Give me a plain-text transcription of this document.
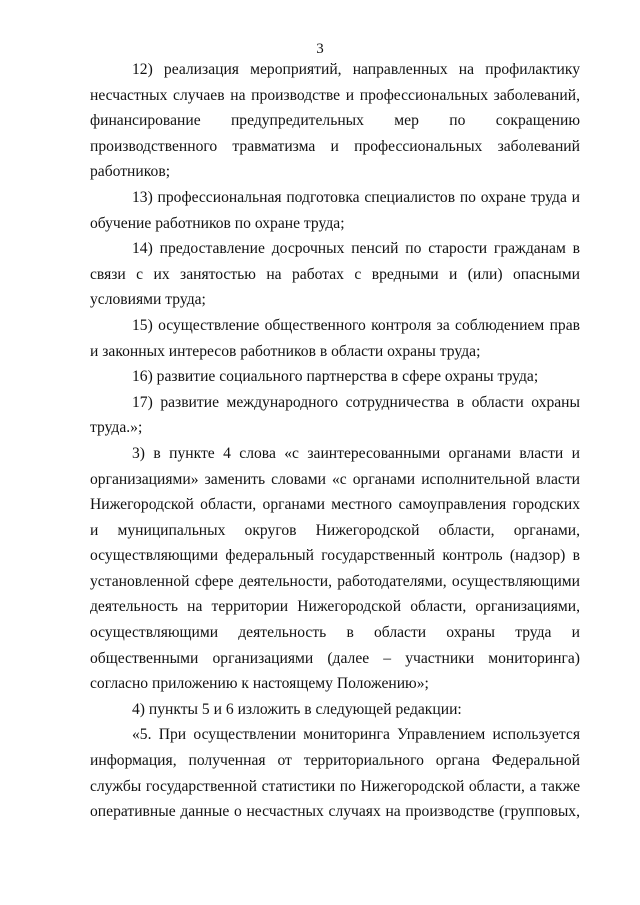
3

12) реализация мероприятий, направленных на профилактику несчастных случаев на производстве и профессиональных заболеваний, финансирование предупредительных мер по сокращению производственного травматизма и профессиональных заболеваний работников;

13) профессиональная подготовка специалистов по охране труда и обучение работников по охране труда;

14) предоставление досрочных пенсий по старости гражданам в связи с их занятостью на работах с вредными и (или) опасными условиями труда;

15) осуществление общественного контроля за соблюдением прав и законных интересов работников в области охраны труда;

16) развитие социального партнерства в сфере охраны труда;

17) развитие международного сотрудничества в области охраны труда.»;

3) в пункте 4 слова «с заинтересованными органами власти и организациями» заменить словами «с органами исполнительной власти Нижегородской области, органами местного самоуправления городских и муниципальных округов Нижегородской области, органами, осуществляющими федеральный государственный контроль (надзор) в установленной сфере деятельности, работодателями, осуществляющими деятельность на территории Нижегородской области, организациями, осуществляющими деятельность в области охраны труда и общественными организациями (далее – участники мониторинга) согласно приложению к настоящему Положению»;

4) пункты 5 и 6 изложить в следующей редакции:

«5. При осуществлении мониторинга Управлением используется информация, полученная от территориального органа Федеральной службы государственной статистики по Нижегородской области, а также оперативные данные о несчастных случаях на производстве (групповых,
